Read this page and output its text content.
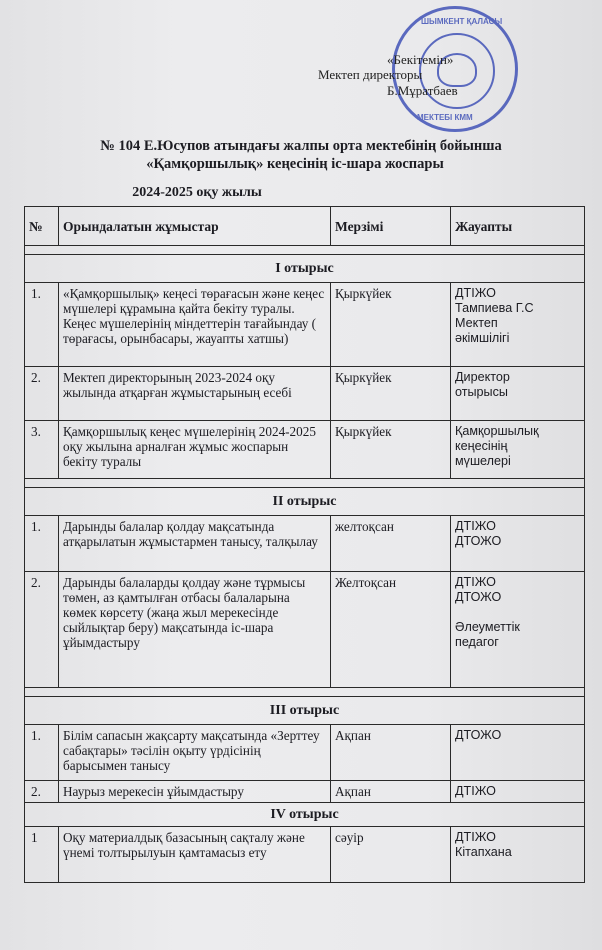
ШЫМКЕНТ ҚАЛАСЫ
МЕКТЕБІ КММ
«Бекітемін»
Мектеп директоры
Б.Мұратбаев
№ 104 Е.Юсупов атындағы жалпы орта мектебінің бойынша
«Қамқоршылық» кеңесінің іс-шара жоспары
2024-2025 оқу жылы
№	Орындалатын жұмыстар	Мерзімі	Жауапты

I отырыс			
1.	«Қамқоршылық» кеңесі төрағасын және кеңес мүшелері құрамына қайта бекіту туралы. Кеңес мүшелерінің міндеттерін тағайындау ( төрағасы, орынбасары, жауапты хатшы)	Қыркүйек	ДТІЖО
Тампиева Г.С
Мектеп
әкімшілігі
2.	Мектеп директорының 2023-2024 оқу жылында атқарған жұмыстарының есебі	Қыркүйек	Директор
отырысы
3.	Қамқоршылық кеңес мүшелерінің 2024-2025 оқу жылына арналған жұмыс жоспарын бекіту туралы	Қыркүйек	Қамқоршылық
кеңесінің
мүшелері

II отырыс			
1.	Дарынды балалар қолдау мақсатында атқарылатын жұмыстармен танысу, талқылау	желтоқсан	ДТІЖО
ДТОЖО
2.	Дарынды балаларды қолдау және тұрмысы төмен, аз қамтылған отбасы балаларына көмек көрсету (жаңа жыл мерекесінде сыйлықтар беру) мақсатында іс-шара ұйымдастыру	Желтоқсан	ДТІЖО
ДТОЖО

Әлеуметтік
педагог

III отырыс			
1.	Білім сапасын жақсарту мақсатында «Зерттеу сабақтары» тәсілін оқыту үрдісінің барысымен танысу	Ақпан	ДТОЖО
2.	Наурыз мерекесін ұйымдастыру	Ақпан	ДТІЖО
IV отырыс			
1	Оқу материалдық базасының сақталу және үнемі толтырылуын қамтамасыз ету	сәуір	ДТІЖО
Кітапхана
